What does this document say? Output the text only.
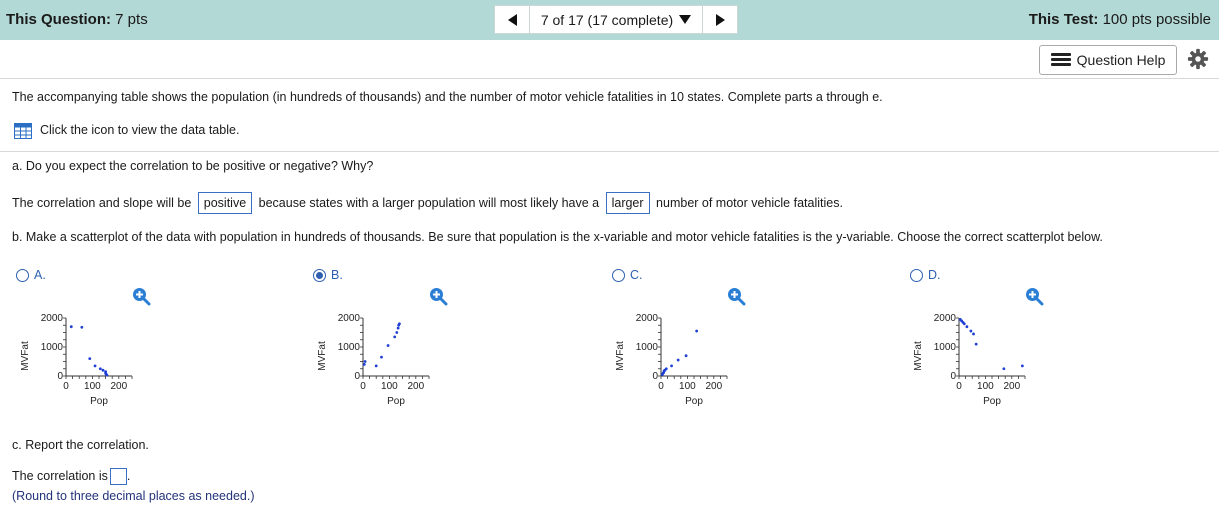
This Question: 7 pts	7 of 17 (17 complete)	This Test: 100 pts possible
Question Help
The accompanying table shows the population (in hundreds of thousands) and the number of motor vehicle fatalities in 10 states. Complete parts a through e.
Click the icon to view the data table.
a. Do you expect the correlation to be positive or negative? Why?
The correlation and slope will be positive because states with a larger population will most likely have a larger number of motor vehicle fatalities.
b. Make a scatterplot of the data with population in hundreds of thousands. Be sure that population is the x-variable and motor vehicle fatalities is the y-variable. Choose the correct scatterplot below.
A.	B.	C.	D.
0 100 200
0
1000
2000
Pop
MVFat
0 100 200
0
1000
2000
Pop
MVFat
0 100 200
0
1000
2000
Pop
MVFat
0 100 200
0
1000
2000
Pop
MVFat
c. Report the correlation.
The correlation is .
(Round to three decimal places as needed.)
